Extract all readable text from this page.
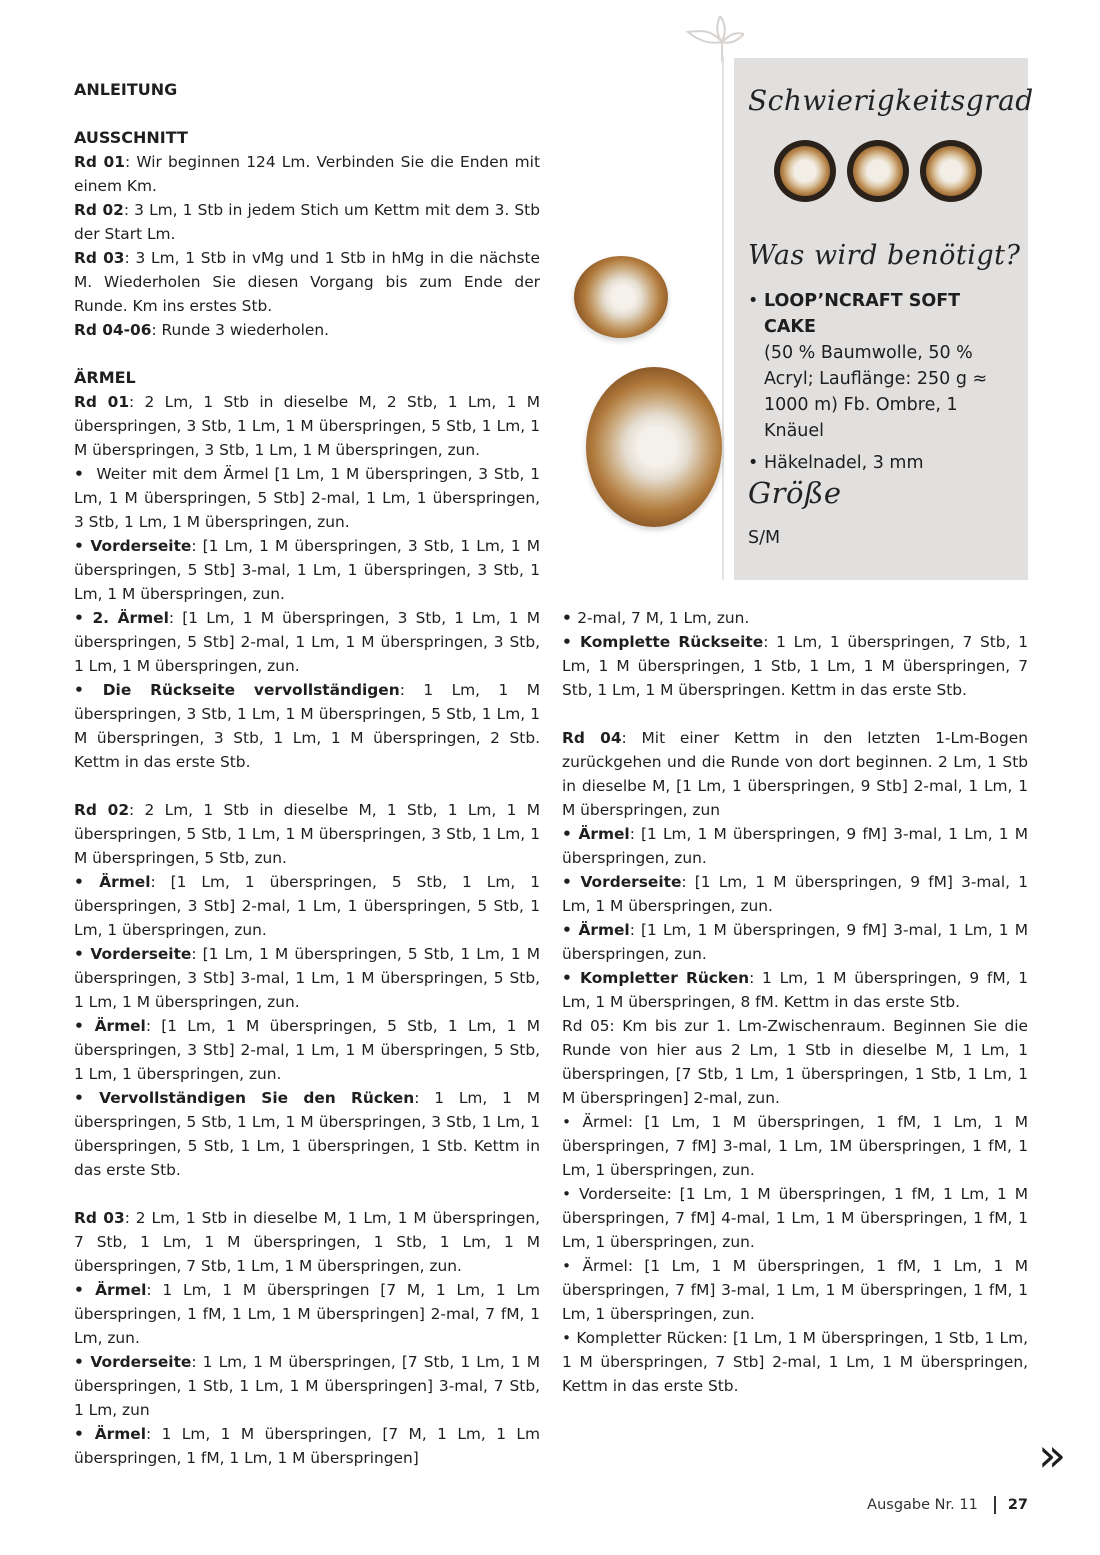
ANLEITUNG

AUSSCHNITT

Rd 01: Wir beginnen 124 Lm. Verbinden Sie die Enden mit einem Km.

Rd 02: 3 Lm, 1 Stb in jedem Stich um Kettm mit dem 3. Stb der Start Lm.

Rd 03: 3 Lm, 1 Stb in vMg und 1 Stb in hMg in die nächste M. Wiederholen Sie diesen Vorgang bis zum Ende der Runde. Km ins erstes Stb.

Rd 04-06: Runde 3 wiederholen.

ÄRMEL

Rd 01: 2 Lm, 1 Stb in dieselbe M, 2 Stb, 1 Lm, 1 M überspringen, 3 Stb, 1 Lm, 1 M überspringen, 5 Stb, 1 Lm, 1 M überspringen, 3 Stb, 1 Lm, 1 M überspringen, zun.

•  Weiter mit dem Ärmel [1 Lm, 1 M überspringen, 3 Stb, 1 Lm, 1 M überspringen, 5 Stb] 2-mal, 1 Lm, 1 überspringen, 3 Stb, 1 Lm, 1 M überspringen, zun.

• Vorderseite: [1 Lm, 1 M überspringen, 3 Stb, 1 Lm, 1 M überspringen, 5 Stb] 3-mal, 1 Lm, 1 überspringen, 3 Stb, 1 Lm, 1 M überspringen, zun.

• 2. Ärmel: [1 Lm, 1 M überspringen, 3 Stb, 1 Lm, 1 M überspringen, 5 Stb] 2-mal, 1 Lm, 1 M überspringen, 3 Stb, 1 Lm, 1 M überspringen, zun.

• Die Rückseite vervollständigen: 1 Lm, 1 M überspringen, 3 Stb, 1 Lm, 1 M überspringen, 5 Stb, 1 Lm, 1 M überspringen, 3 Stb, 1 Lm, 1 M überspringen, 2 Stb. Kettm in das erste Stb.

Rd 02: 2 Lm, 1 Stb in dieselbe M, 1 Stb, 1 Lm, 1 M überspringen, 5 Stb, 1 Lm, 1 M überspringen, 3 Stb, 1 Lm, 1 M überspringen, 5 Stb, zun.

• Ärmel: [1 Lm, 1 überspringen, 5 Stb, 1 Lm, 1 überspringen, 3 Stb] 2-mal, 1 Lm, 1 überspringen, 5 Stb, 1 Lm, 1 überspringen, zun.

• Vorderseite: [1 Lm, 1 M überspringen, 5 Stb, 1 Lm, 1 M überspringen, 3 Stb] 3-mal, 1 Lm, 1 M überspringen, 5 Stb, 1 Lm, 1 M überspringen, zun.

• Ärmel: [1 Lm, 1 M überspringen, 5 Stb, 1 Lm, 1 M überspringen, 3 Stb] 2-mal, 1 Lm, 1 M überspringen, 5 Stb, 1 Lm, 1 überspringen, zun.

• Vervollständigen Sie den Rücken: 1 Lm, 1 M überspringen, 5 Stb, 1 Lm, 1 M überspringen, 3 Stb, 1 Lm, 1 überspringen, 5 Stb, 1 Lm, 1 überspringen, 1 Stb. Kettm in das erste Stb.

Rd 03: 2 Lm, 1 Stb in dieselbe M, 1 Lm, 1 M überspringen, 7 Stb, 1 Lm, 1 M überspringen, 1 Stb, 1 Lm, 1 M überspringen, 7 Stb, 1 Lm, 1 M überspringen, zun.

• Ärmel: 1 Lm, 1 M überspringen [7 M, 1 Lm, 1 Lm überspringen, 1 fM, 1 Lm, 1 M überspringen] 2-mal, 7 fM, 1 Lm, zun.

• Vorderseite: 1 Lm, 1 M überspringen, [7 Stb, 1 Lm, 1 M überspringen, 1 Stb, 1 Lm, 1 M überspringen] 3-mal, 7 Stb, 1 Lm, zun

• Ärmel: 1 Lm, 1 M überspringen, [7 M, 1 Lm, 1 Lm überspringen, 1 fM, 1 Lm, 1 M überspringen]

• 2-mal, 7 M, 1 Lm, zun.

• Komplette Rückseite: 1 Lm, 1 überspringen, 7 Stb, 1 Lm, 1 M überspringen, 1 Stb, 1 Lm, 1 M überspringen, 7 Stb, 1 Lm, 1 M überspringen. Kettm in das erste Stb.

Rd 04: Mit einer Kettm in den letzten 1-Lm-Bogen zurückgehen und die Runde von dort beginnen. 2 Lm, 1 Stb in dieselbe M, [1 Lm, 1 überspringen, 9 Stb] 2-mal, 1 Lm, 1 M überspringen, zun

• Ärmel: [1 Lm, 1 M überspringen, 9 fM] 3-mal, 1 Lm, 1 M überspringen, zun.

• Vorderseite: [1 Lm, 1 M überspringen, 9 fM] 3-mal, 1 Lm, 1 M überspringen, zun.

• Ärmel: [1 Lm, 1 M überspringen, 9 fM] 3-mal, 1 Lm, 1 M überspringen, zun.

• Kompletter Rücken: 1 Lm, 1 M überspringen, 9 fM, 1 Lm, 1 M überspringen, 8 fM. Kettm in das erste Stb.

Rd 05: Km bis zur 1. Lm-Zwischenraum. Beginnen Sie die Runde von hier aus 2 Lm, 1 Stb in dieselbe M, 1 Lm, 1 überspringen, [7 Stb, 1 Lm, 1 überspringen, 1 Stb, 1 Lm, 1 M überspringen] 2-mal, zun.

• Ärmel: [1 Lm, 1 M überspringen, 1 fM, 1 Lm, 1 M überspringen, 7 fM] 3-mal, 1 Lm, 1M überspringen, 1 fM, 1 Lm, 1 überspringen, zun.

• Vorderseite: [1 Lm, 1 M überspringen, 1 fM, 1 Lm, 1 M überspringen, 7 fM] 4-mal, 1 Lm, 1 M überspringen, 1 fM, 1 Lm, 1 überspringen, zun.

• Ärmel: [1 Lm, 1 M überspringen, 1 fM, 1 Lm, 1 M überspringen, 7 fM] 3-mal, 1 Lm, 1 M überspringen, 1 fM, 1 Lm, 1 überspringen, zun.

• Kompletter Rücken: [1 Lm, 1 M überspringen, 1 Stb, 1 Lm, 1 M überspringen, 7 Stb] 2-mal, 1 Lm, 1 M überspringen, Kettm in das erste Stb.

Schwierigkeitsgrad
Was wird benötigt?
• LOOP’NCRAFT SOFT CAKE
(50 % Baumwolle, 50 % Acryl; Lauflänge: 250 g ≈ 1000 m) Fb. Ombre, 1 Knäuel
• Häkelnadel, 3 mm
Größe
S/M
»
Ausgabe Nr. 11 27
